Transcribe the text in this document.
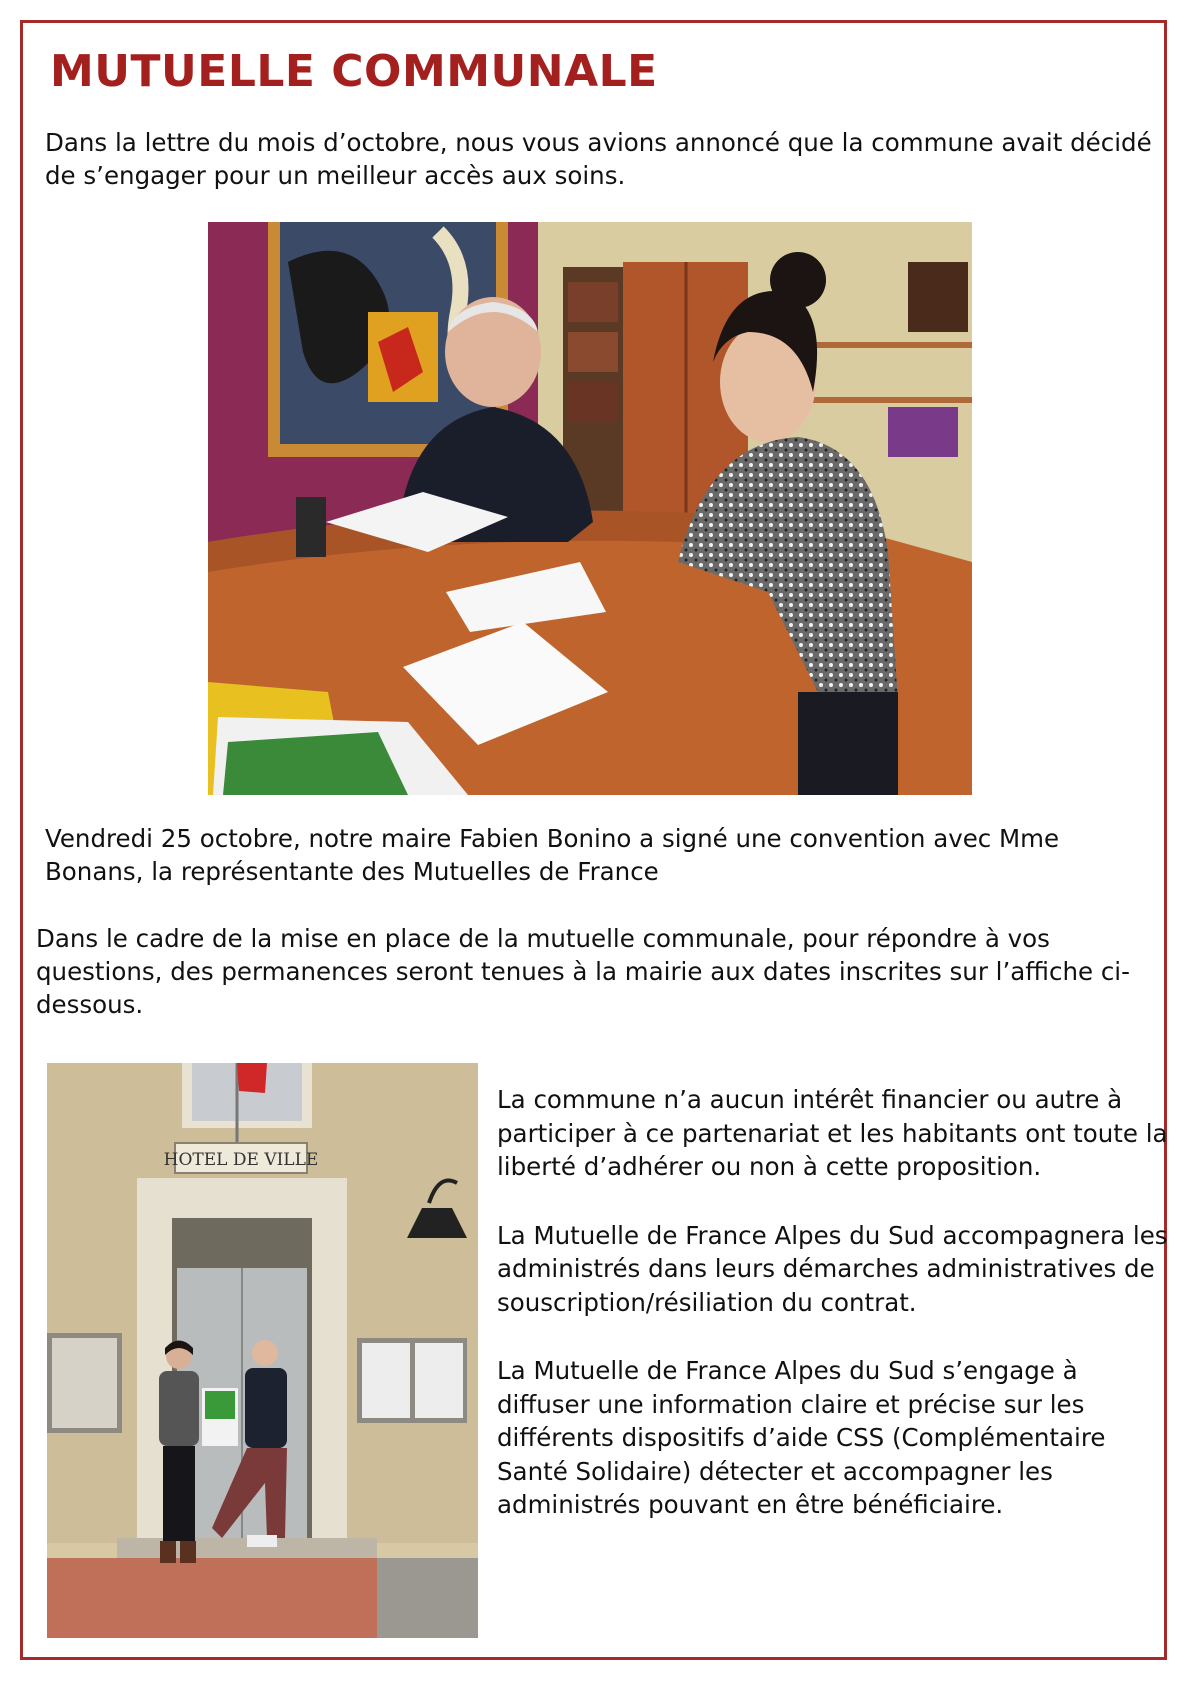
MUTUELLE COMMUNALE

Dans la lettre du mois d’octobre, nous vous avions annoncé que la commune avait décidé de s’engager pour un meilleur accès aux soins.

Vendredi 25 octobre, notre maire Fabien Bonino a signé une convention avec Mme Bonans, la représentante des Mutuelles de France

Dans le cadre de la mise en place de la mutuelle communale, pour répondre à vos questions, des permanences seront tenues à la mairie aux dates inscrites sur l’affiche ci-dessous.

HOTEL DE VILLE

La commune n’a aucun intérêt financier ou autre à participer à ce partenariat et les habitants ont toute la liberté d’adhérer ou non à cette proposition.

La Mutuelle de France Alpes du Sud accompagnera les administrés dans leurs démarches administratives de souscription/résiliation du contrat.

La Mutuelle de France Alpes du Sud s’engage à diffuser une information claire et précise sur les différents dispositifs d’aide CSS (Complémentaire Santé Solidaire) détecter et accompagner les administrés pouvant en être bénéficiaire.
